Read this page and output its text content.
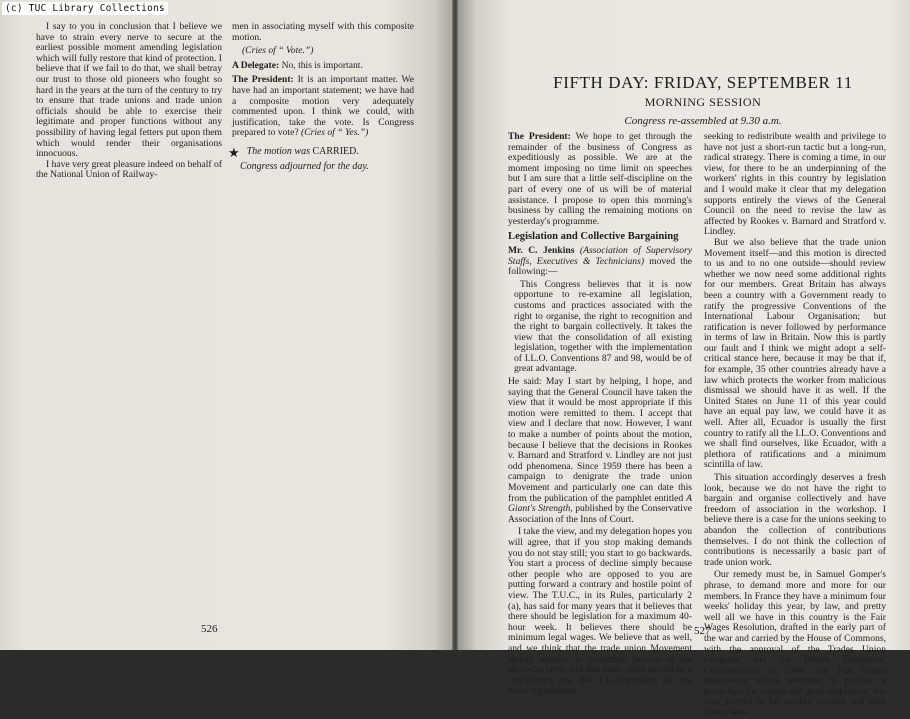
(c) TUC Library Collections

I say to you in conclusion that I believe we have to strain every nerve to secure at the earliest possible moment amending legislation which will fully restore that kind of protection. I believe that if we fail to do that, we shall betray our trust to those old pioneers who fought so hard in the years at the turn of the century to try to ensure that trade unions and trade union officials should be able to exercise their legitimate and proper functions without any possibility of having legal fetters put upon them which would render their organisations innocuous.

I have very great pleasure indeed on behalf of the National Union of Railway-

men in associating myself with this composite motion.

(Cries of “ Vote.”)

A Delegate: No, this is important.

The President: It is an important matter. We have had an important statement; we have had a composite motion very adequately commented upon. I think we could, with justification, take the vote. Is Congress prepared to vote? (Cries of “ Yes.”)

★ The motion was CARRIED.
Congress adjourned for the day.
526
FIFTH DAY: FRIDAY, SEPTEMBER 11
MORNING SESSION
Congress re-assembled at 9.30 a.m.

The President: We hope to get through the remainder of the business of Congress as expeditiously as possible. We are at the moment imposing no time limit on speeches but I am sure that a little self-discipline on the part of every one of us will be of material assistance. I propose to open this morning's business by calling the remaining motions on yesterday's programme.

Legislation and Collective Bargaining

Mr. C. Jenkins (Association of Supervisory Staffs, Executives & Technicians) moved the following:—

This Congress believes that it is now opportune to re-examine all legislation, customs and practices associated with the right to organise, the right to recognition and the right to bargain collectively. It takes the view that the consolidation of all existing legislation, together with the implementation of I.L.O. Conventions 87 and 98, would be of great advantage.

He said: May I start by helping, I hope, and saying that the General Council have taken the view that it would be most appropriate if this motion were remitted to them. I accept that view and I declare that now. However, I want to make a number of points about the motion, because I believe that the decisions in Rookes v. Barnard and Stratford v. Lindley are not just odd phenomena. Since 1959 there has been a campaign to denigrate the trade union Movement and particularly one can date this from the publication of the pamphlet entitled A Giant's Strength, published by the Conservative Association of the Inns of Court.

I take the view, and my delegation hopes you will agree, that if you stop making demands you do not stay still; you start to go backwards. You start a process of decline simply because other people who are opposed to you are putting forward a contrary and hostile point of view. The T.U.C., in its Rules, particularly 2 (a), has said for many years that it believes that there should be legislation for a maximum 40-hour week. It believes there should be minimum legal wages. We believe that as well, and we think that the trade union Movement should always, as yesterday, believe in the short-run tactic and that tactic often should be a conciliatory one. But it is imperative for any mass organisation

seeking to redistribute wealth and privilege to have not just a short-run tactic but a long-run, radical strategy. There is coming a time, in our view, for there to be an underpinning of the workers' rights in this country by legislation and I would make it clear that my delegation supports entirely the views of the General Council on the need to revise the law as affected by Rookes v. Barnard and Stratford v. Lindley.

But we also believe that the trade union Movement itself—and this motion is directed to us and to no one outside—should review whether we now need some additional rights for our members. Great Britain has always been a country with a Government ready to ratify the progressive Conventions of the International Labour Organisation; but ratification is never followed by performance in terms of law in Britain. Now this is partly our fault and I think we might adopt a self-critical stance here, because it may be that if, for example, 35 other countries already have a law which protects the worker from malicious dismissal we should have it as well. If the United States on June 11 of this year could have an equal pay law, we could have it as well. After all, Ecuador is usually the first country to ratify all the I.L.O. Conventions and we shall find ourselves, like Ecuador, with a plethora of ratifications and a minimum scintilla of law.

This situation accordingly deserves a fresh look, because we do not have the right to bargain and organise collectively and have freedom of association in the workshop. I believe there is a case for the unions seeking to abandon the collection of contributions themselves. I do not think the collection of contributions is necessarily a basic part of trade union work.

Our remedy must be, in Samuel Gomper's phrase, to demand more and more for our members. In France they have a minimum four weeks' holiday this year, by law, and pretty well all we have in this country is the Fair Wages Resolution, drafted in the early part of the war and carried by the House of Commons, with the approval of the Trades Union Congress and the British Employers' Confederation, in 1946. The Fair Wages Resolution, which attempts to provide a protection for unions and good employers, has now proved to be weakly worded and with flimsy text.

527
